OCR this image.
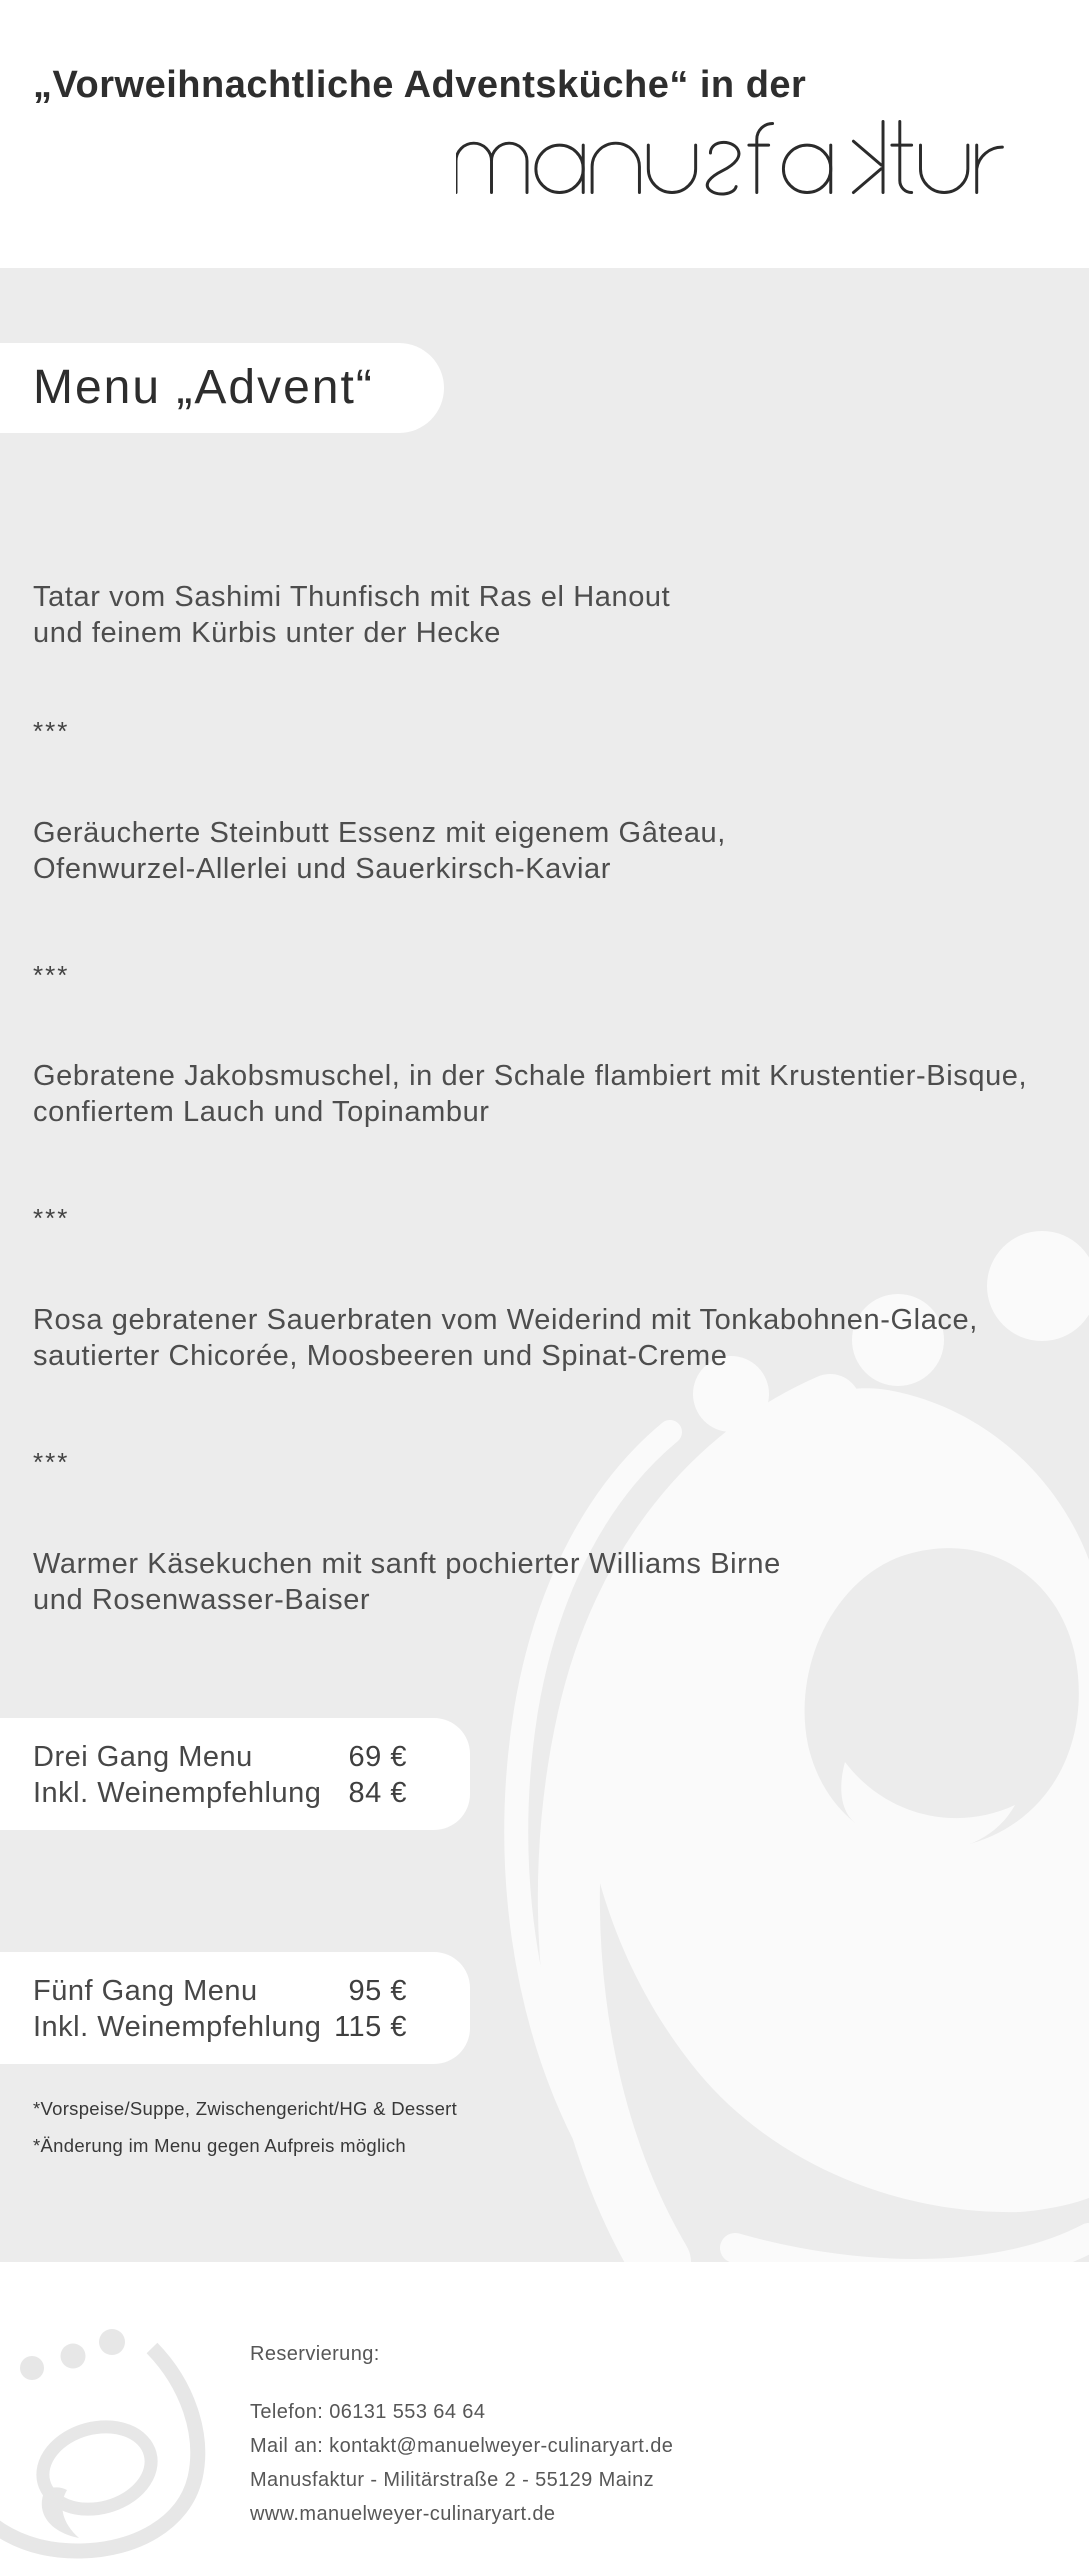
„Vorweihnachtliche Adventsküche“ in der
Menu „Advent“
Tatar vom Sashimi Thunfisch mit Ras el Hanout
und feinem Kürbis unter der Hecke
***
Geräucherte Steinbutt Essenz mit eigenem Gâteau,
Ofenwurzel-Allerlei und Sauerkirsch-Kaviar
***
Gebratene Jakobsmuschel, in der Schale flambiert mit Krustentier-Bisque,
confiertem Lauch und Topinambur
***
Rosa gebratener Sauerbraten vom Weiderind mit Tonkabohnen-Glace,
sautierter Chicorée, Moosbeeren und Spinat-Creme
***
Warmer Käsekuchen mit sanft pochierter Williams Birne
und Rosenwasser-Baiser
Drei Gang Menu	69 €
Inkl. Weinempfehlung 84 €
Fünf Gang Menu	95 €
Inkl. Weinempfehlung 115 €
*Vorspeise/Suppe, Zwischengericht/HG & Dessert
*Änderung im Menu gegen Aufpreis möglich
Reservierung:
Telefon: 06131 553 64 64
Mail an: kontakt@manuelweyer-culinaryart.de
Manusfaktur - Militärstraße 2 - 55129 Mainz
www.manuelweyer-culinaryart.de
